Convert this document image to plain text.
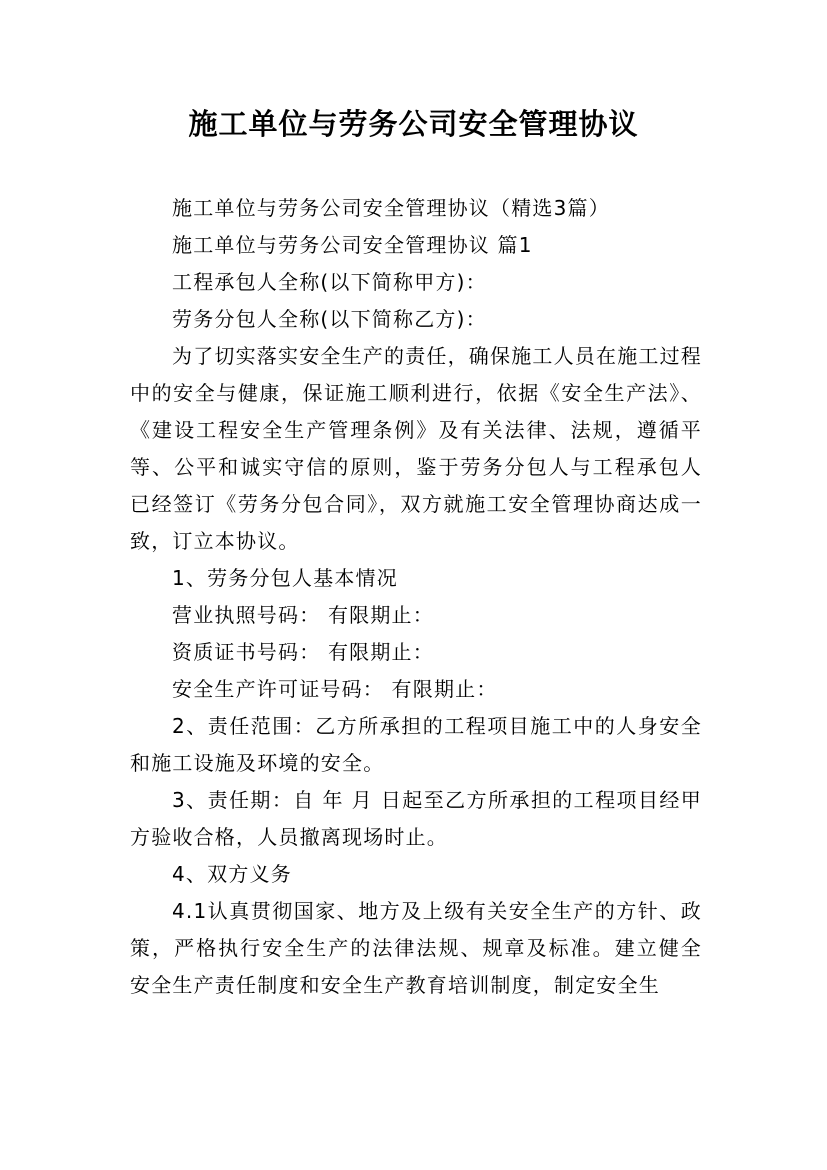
施工单位与劳务公司安全管理协议

施工单位与劳务公司安全管理协议（精选3篇）

施工单位与劳务公司安全管理协议 篇1

工程承包人全称(以下简称甲方)：

劳务分包人全称(以下简称乙方)：

为了切实落实安全生产的责任，确保施工人员在施工过程中的安全与健康，保证施工顺利进行，依据《安全生产法》、《建设工程安全生产管理条例》及有关法律、法规，遵循平等、公平和诚实守信的原则，鉴于劳务分包人与工程承包人已经签订《劳务分包合同》，双方就施工安全管理协商达成一致，订立本协议。

1、劳务分包人基本情况

营业执照号码： 有限期止：

资质证书号码： 有限期止：

安全生产许可证号码： 有限期止：

2、责任范围：乙方所承担的工程项目施工中的人身安全和施工设施及环境的安全。

3、责任期：自 年 月 日起至乙方所承担的工程项目经甲方验收合格，人员撤离现场时止。

4、双方义务

4.1认真贯彻国家、地方及上级有关安全生产的方针、政策，严格执行安全生产的法律法规、规章及标准。建立健全安全生产责任制度和安全生产教育培训制度，制定安全生
